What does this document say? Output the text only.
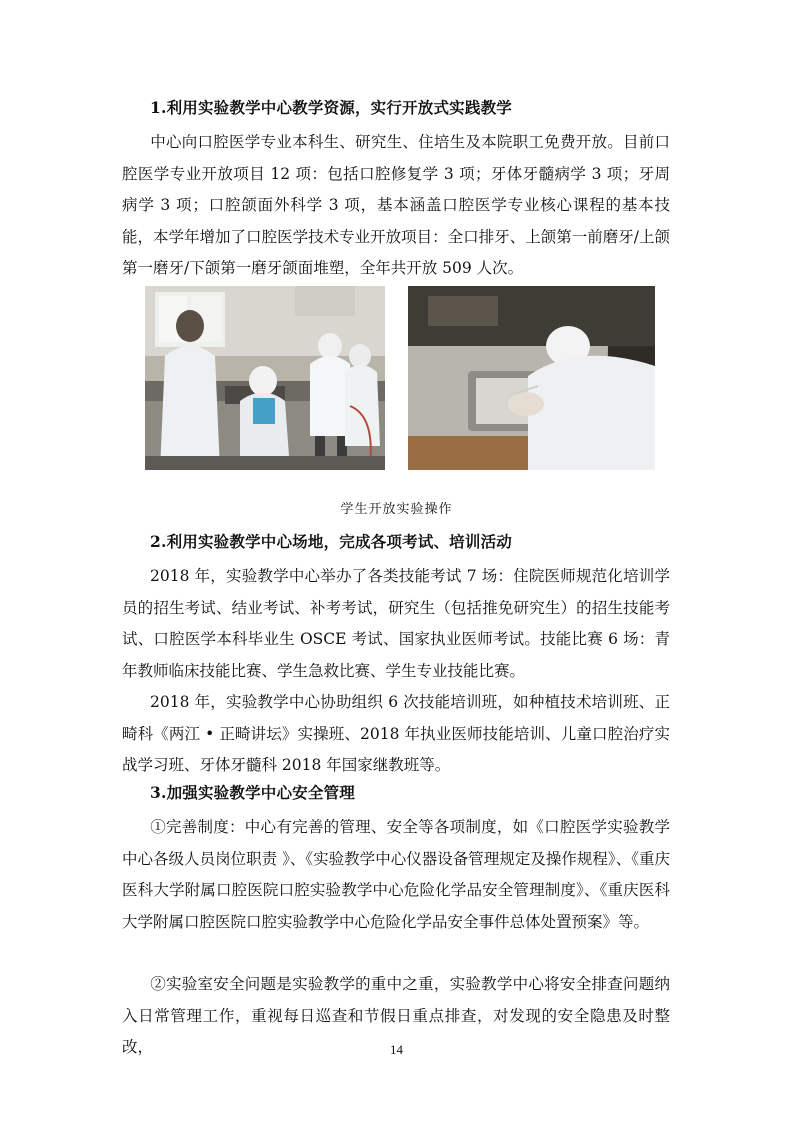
1.利用实验教学中心教学资源，实行开放式实践教学
中心向口腔医学专业本科生、研究生、住培生及本院职工免费开放。目前口腔医学专业开放项目 12 项：包括口腔修复学 3 项；牙体牙髓病学 3 项；牙周病学 3 项；口腔颌面外科学 3 项，基本涵盖口腔医学专业核心课程的基本技能，本学年增加了口腔医学技术专业开放项目：全口排牙、上颌第一前磨牙/上颌第一磨牙/下颌第一磨牙颌面堆塑，全年共开放 509 人次。
学生开放实验操作
2.利用实验教学中心场地，完成各项考试、培训活动
2018 年，实验教学中心举办了各类技能考试 7 场：住院医师规范化培训学员的招生考试、结业考试、补考考试，研究生（包括推免研究生）的招生技能考试、口腔医学本科毕业生 OSCE 考试、国家执业医师考试。技能比赛 6 场：青年教师临床技能比赛、学生急救比赛、学生专业技能比赛。
2018 年，实验教学中心协助组织 6 次技能培训班，如种植技术培训班、正畸科《两江 • 正畸讲坛》实操班、2018 年执业医师技能培训、儿童口腔治疗实战学习班、牙体牙髓科 2018 年国家继教班等。
3.加强实验教学中心安全管理
①完善制度：中心有完善的管理、安全等各项制度，如《口腔医学实验教学中心各级人员岗位职责 》、《实验教学中心仪器设备管理规定及操作规程》、《重庆医科大学附属口腔医院口腔实验教学中心危险化学品安全管理制度》、《重庆医科大学附属口腔医院口腔实验教学中心危险化学品安全事件总体处置预案》等。
②实验室安全问题是实验教学的重中之重，实验教学中心将安全排查问题纳入日常管理工作，重视每日巡查和节假日重点排查，对发现的安全隐患及时整改，	14
